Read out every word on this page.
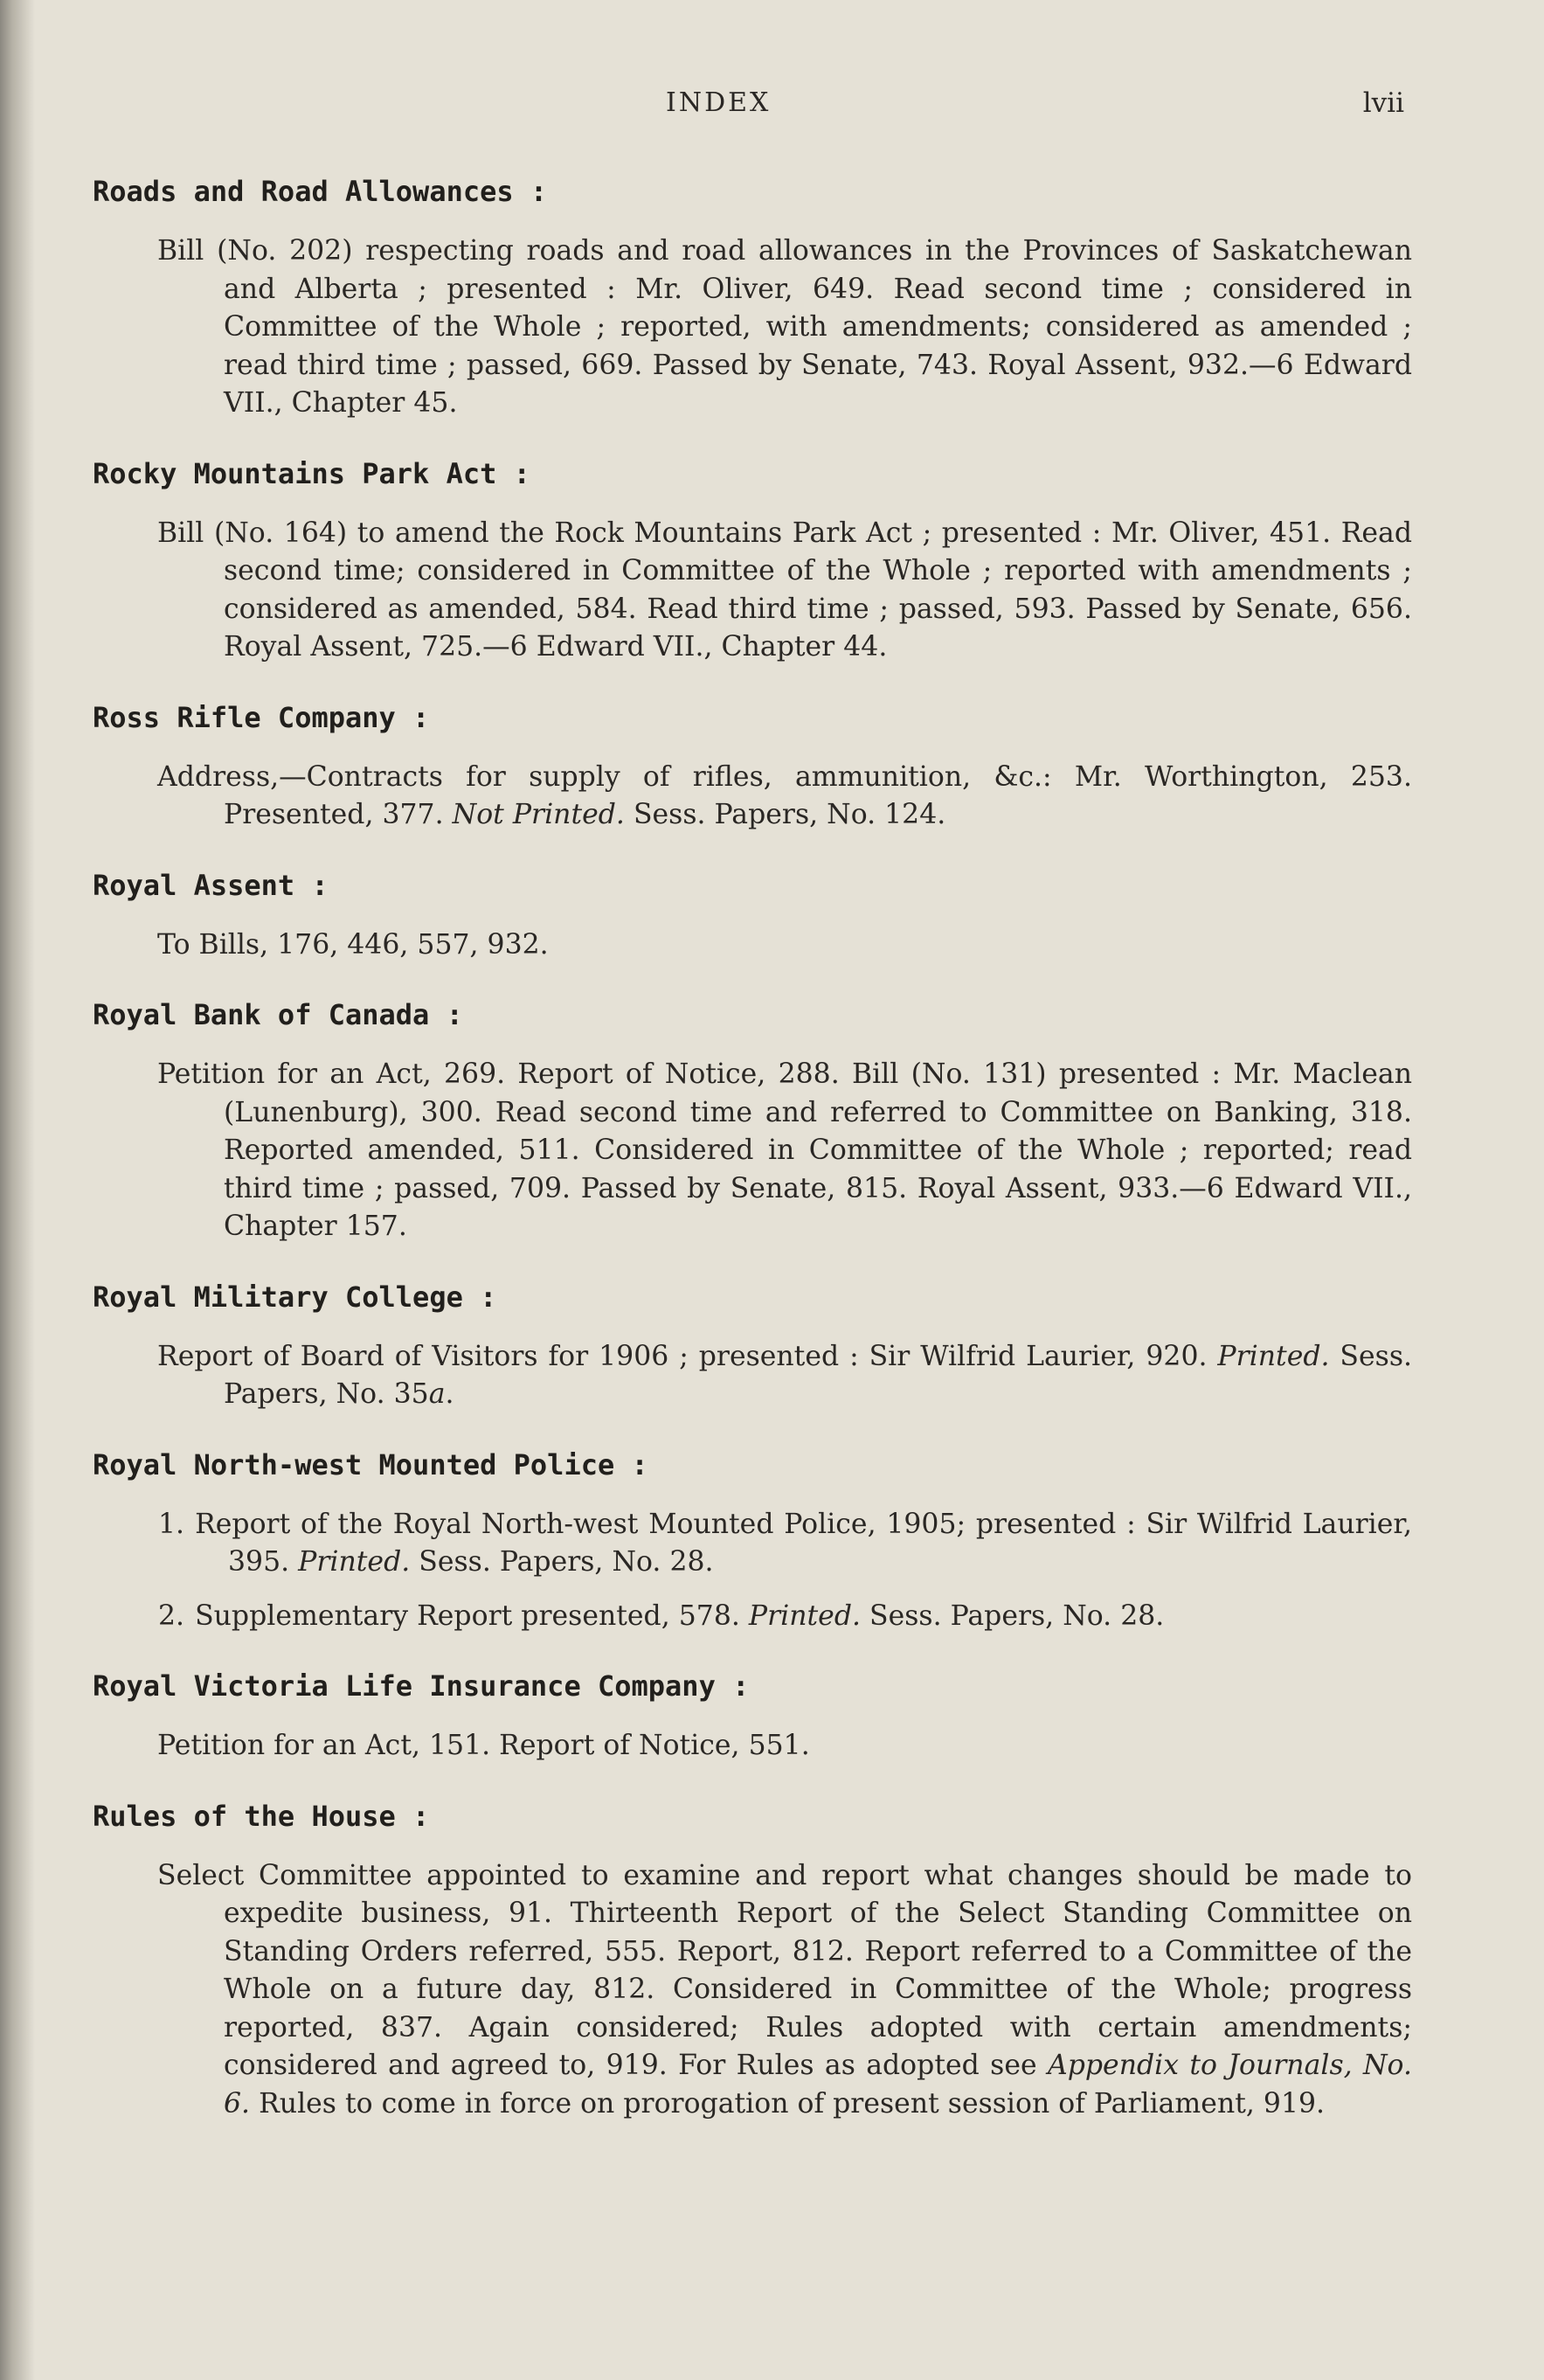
INDEX	lvii
Roads and Road Allowances :
Bill (No. 202) respecting roads and road allowances in the Provinces of Saskatchewan and Alberta ; presented : Mr. Oliver, 649. Read second time ; considered in Committee of the Whole ; reported, with amendments; considered as amended ; read third time ; passed, 669. Passed by Senate, 743. Royal Assent, 932.—6 Edward VII., Chapter 45.
Rocky Mountains Park Act :
Bill (No. 164) to amend the Rock Mountains Park Act ; presented : Mr. Oliver, 451. Read second time; considered in Committee of the Whole ; reported with amendments ; considered as amended, 584. Read third time ; passed, 593. Passed by Senate, 656. Royal Assent, 725.—6 Edward VII., Chapter 44.
Ross Rifle Company :
Address,—Contracts for supply of rifles, ammunition, &c.: Mr. Worthington, 253. Presented, 377. Not Printed. Sess. Papers, No. 124.
Royal Assent :
To Bills, 176, 446, 557, 932.
Royal Bank of Canada :
Petition for an Act, 269. Report of Notice, 288. Bill (No. 131) presented : Mr. Maclean (Lunenburg), 300. Read second time and referred to Committee on Banking, 318. Reported amended, 511. Considered in Committee of the Whole ; reported; read third time ; passed, 709. Passed by Senate, 815. Royal Assent, 933.—6 Edward VII., Chapter 157.
Royal Military College :
Report of Board of Visitors for 1906 ; presented : Sir Wilfrid Laurier, 920. Printed. Sess. Papers, No. 35a.
Royal North-west Mounted Police :
1. Report of the Royal North-west Mounted Police, 1905; presented : Sir Wilfrid Laurier, 395. Printed. Sess. Papers, No. 28.
2. Supplementary Report presented, 578. Printed. Sess. Papers, No. 28.
Royal Victoria Life Insurance Company :
Petition for an Act, 151. Report of Notice, 551.
Rules of the House :
Select Committee appointed to examine and report what changes should be made to expedite business, 91. Thirteenth Report of the Select Standing Committee on Standing Orders referred, 555. Report, 812. Report referred to a Committee of the Whole on a future day, 812. Considered in Committee of the Whole; progress reported, 837. Again considered; Rules adopted with certain amendments; considered and agreed to, 919. For Rules as adopted see Appendix to Journals, No. 6. Rules to come in force on prorogation of present session of Parliament, 919.
